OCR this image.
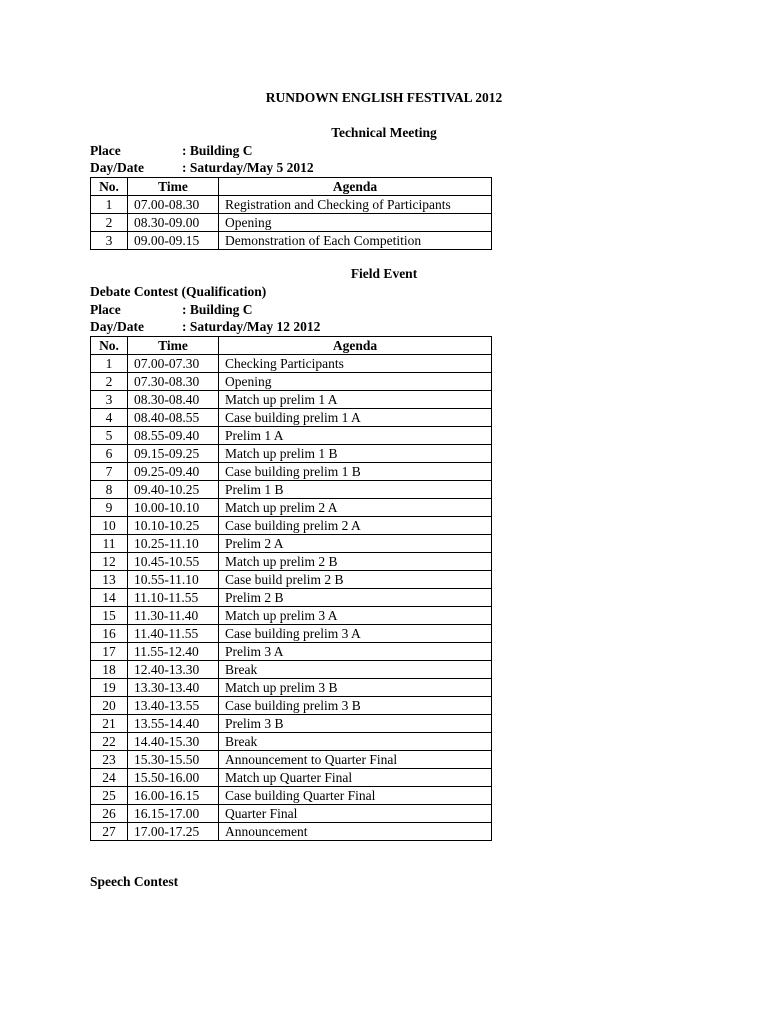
RUNDOWN ENGLISH FESTIVAL 2012
Technical Meeting
Place	: Building C
Day/Date	: Saturday/May 5 2012
No.	Time	Agenda
1	07.00-08.30	Registration and Checking of Participants
2	08.30-09.00	Opening
3	09.00-09.15	Demonstration of Each Competition
Field Event
Debate Contest (Qualification)
Place	: Building C
Day/Date	: Saturday/May 12 2012
No.	Time	Agenda
1	07.00-07.30	Checking Participants
2	07.30-08.30	Opening
3	08.30-08.40	Match up prelim 1 A
4	08.40-08.55	Case building prelim 1 A
5	08.55-09.40	Prelim 1 A
6	09.15-09.25	Match up prelim 1 B
7	09.25-09.40	Case building prelim 1 B
8	09.40-10.25	Prelim 1 B
9	10.00-10.10	Match up prelim 2 A
10	10.10-10.25	Case building prelim 2 A
11	10.25-11.10	Prelim 2 A
12	10.45-10.55	Match up prelim 2 B
13	10.55-11.10	Case build prelim 2 B
14	11.10-11.55	Prelim 2 B
15	11.30-11.40	Match up prelim 3 A
16	11.40-11.55	Case building prelim 3 A
17	11.55-12.40	Prelim 3 A
18	12.40-13.30	Break
19	13.30-13.40	Match up prelim 3 B
20	13.40-13.55	Case building prelim 3 B
21	13.55-14.40	Prelim 3 B
22	14.40-15.30	Break
23	15.30-15.50	Announcement to Quarter Final
24	15.50-16.00	Match up Quarter Final
25	16.00-16.15	Case building Quarter Final
26	16.15-17.00	Quarter Final
27	17.00-17.25	Announcement
Speech Contest
